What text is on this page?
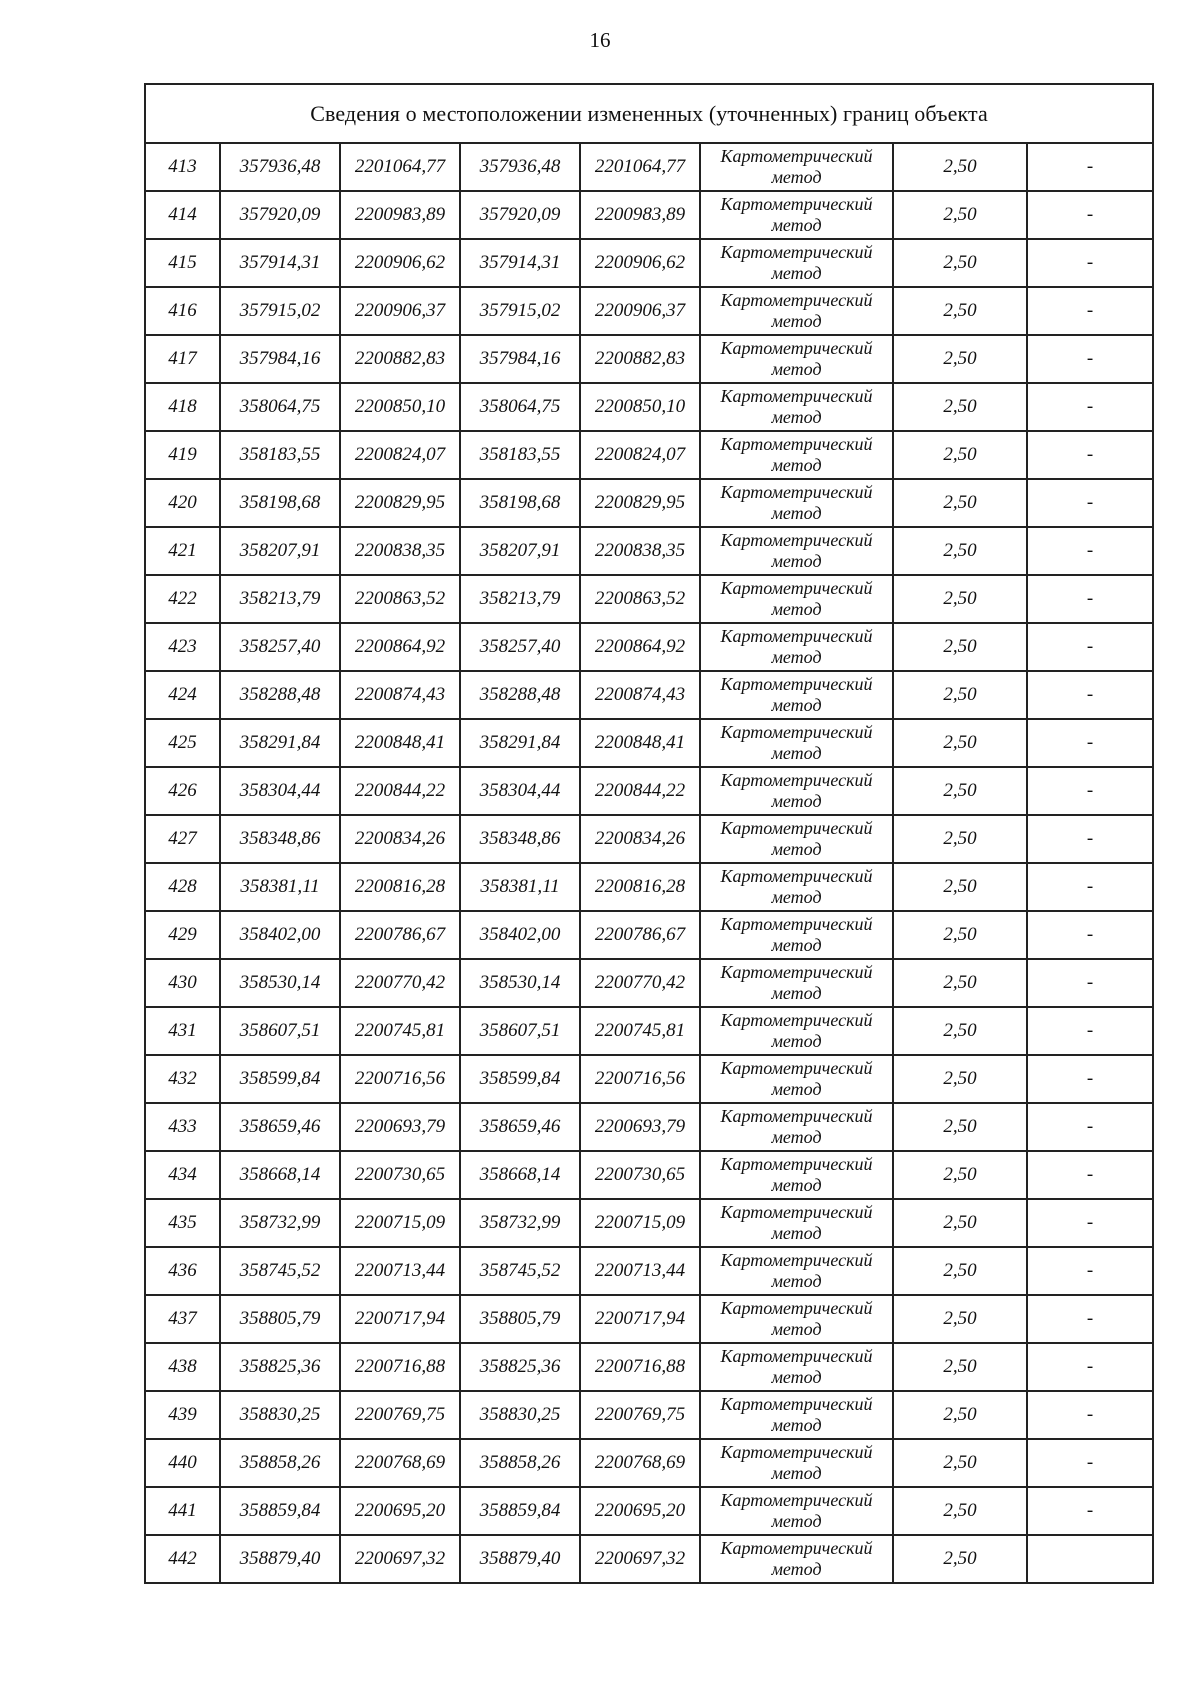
16
Сведения о местоположении измененных (уточненных) границ объекта							
413	357936,48	2201064,77	357936,48	2201064,77	Картометрический
метод	2,50	-
414	357920,09	2200983,89	357920,09	2200983,89	Картометрический
метод	2,50	-
415	357914,31	2200906,62	357914,31	2200906,62	Картометрический
метод	2,50	-
416	357915,02	2200906,37	357915,02	2200906,37	Картометрический
метод	2,50	-
417	357984,16	2200882,83	357984,16	2200882,83	Картометрический
метод	2,50	-
418	358064,75	2200850,10	358064,75	2200850,10	Картометрический
метод	2,50	-
419	358183,55	2200824,07	358183,55	2200824,07	Картометрический
метод	2,50	-
420	358198,68	2200829,95	358198,68	2200829,95	Картометрический
метод	2,50	-
421	358207,91	2200838,35	358207,91	2200838,35	Картометрический
метод	2,50	-
422	358213,79	2200863,52	358213,79	2200863,52	Картометрический
метод	2,50	-
423	358257,40	2200864,92	358257,40	2200864,92	Картометрический
метод	2,50	-
424	358288,48	2200874,43	358288,48	2200874,43	Картометрический
метод	2,50	-
425	358291,84	2200848,41	358291,84	2200848,41	Картометрический
метод	2,50	-
426	358304,44	2200844,22	358304,44	2200844,22	Картометрический
метод	2,50	-
427	358348,86	2200834,26	358348,86	2200834,26	Картометрический
метод	2,50	-
428	358381,11	2200816,28	358381,11	2200816,28	Картометрический
метод	2,50	-
429	358402,00	2200786,67	358402,00	2200786,67	Картометрический
метод	2,50	-
430	358530,14	2200770,42	358530,14	2200770,42	Картометрический
метод	2,50	-
431	358607,51	2200745,81	358607,51	2200745,81	Картометрический
метод	2,50	-
432	358599,84	2200716,56	358599,84	2200716,56	Картометрический
метод	2,50	-
433	358659,46	2200693,79	358659,46	2200693,79	Картометрический
метод	2,50	-
434	358668,14	2200730,65	358668,14	2200730,65	Картометрический
метод	2,50	-
435	358732,99	2200715,09	358732,99	2200715,09	Картометрический
метод	2,50	-
436	358745,52	2200713,44	358745,52	2200713,44	Картометрический
метод	2,50	-
437	358805,79	2200717,94	358805,79	2200717,94	Картометрический
метод	2,50	-
438	358825,36	2200716,88	358825,36	2200716,88	Картометрический
метод	2,50	-
439	358830,25	2200769,75	358830,25	2200769,75	Картометрический
метод	2,50	-
440	358858,26	2200768,69	358858,26	2200768,69	Картометрический
метод	2,50	-
441	358859,84	2200695,20	358859,84	2200695,20	Картометрический
метод	2,50	-
442	358879,40	2200697,32	358879,40	2200697,32	Картометрический
метод	2,50	
